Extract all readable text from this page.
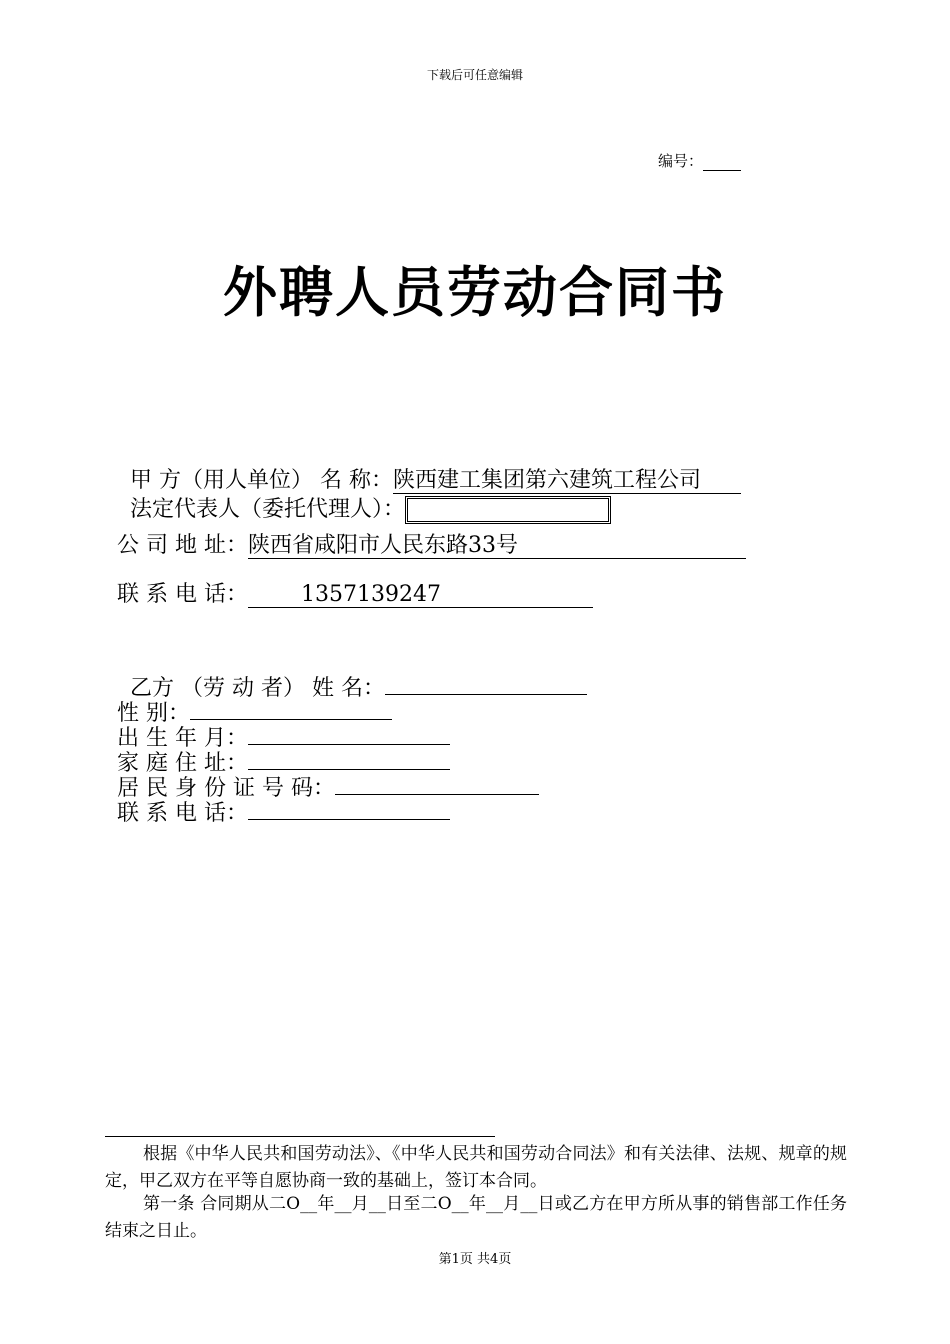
下载后可任意编辑
编号：
外聘人员劳动合同书
甲 方（用人单位） 名 称：陕西建工集团第六建筑工程公司
法定代表人（委托代理人）：
公 司 地 址：陕西省咸阳市人民东路33号
联 系 电 话： 1357139247
乙方 （劳 动 者） 姓 名：
性 别：
出 生 年 月：
家 庭 住 址：
居 民 身 份 证 号 码：
联 系 电 话：
根据《中华人民共和国劳动法》、《中华人民共和国劳动合同法》和有关法律、法规、规章的规定，甲乙双方在平等自愿协商一致的基础上，签订本合同。
第一条 合同期从二O__年__月__日至二O__年__月__日或乙方在甲方所从事的销售部工作任务结束之日止。
第1页 共4页
